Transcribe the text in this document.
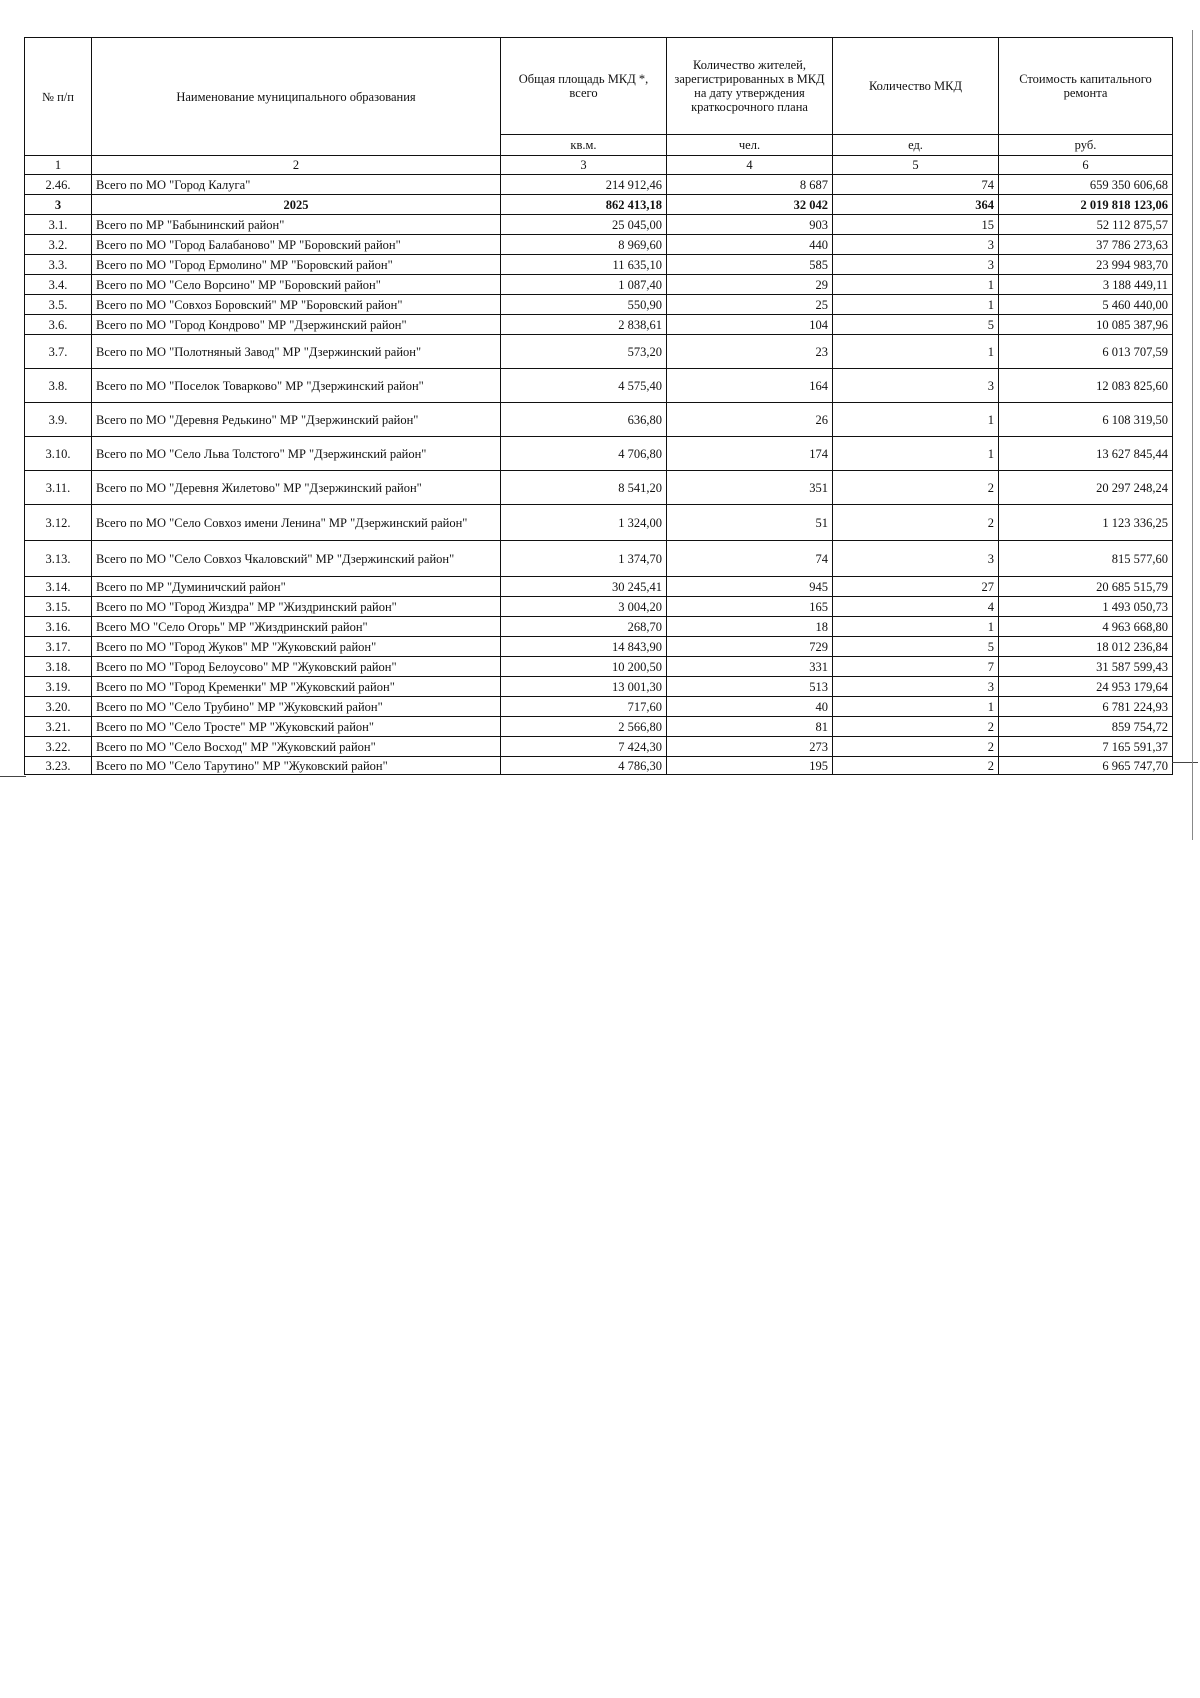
№ п/п	Наименование муниципального образования	Общая площадь МКД *, всего	Количество жителей, зарегистрированных в МКД на дату утверждения краткосрочного плана	Количество МКД	Стоимость капитального ремонта
		кв.м.	чел.	ед.	руб.
1	2	3	4	5	6
2.46.	Всего по МО "Город Калуга"	214 912,46	8 687	74	659 350 606,68
3	2025	862 413,18	32 042	364	2 019 818 123,06
3.1.	Всего по МР "Бабынинский район"	25 045,00	903	15	52 112 875,57
3.2.	Всего по МО "Город Балабаново" МР "Боровский район"	8 969,60	440	3	37 786 273,63
3.3.	Всего по МО "Город Ермолино" МР "Боровский район"	11 635,10	585	3	23 994 983,70
3.4.	Всего по МО "Село Ворсино" МР "Боровский район"	1 087,40	29	1	3 188 449,11
3.5.	Всего по МО "Совхоз Боровский" МР "Боровский район"	550,90	25	1	5 460 440,00
3.6.	Всего по МО "Город Кондрово" МР "Дзержинский район"	2 838,61	104	5	10 085 387,96
3.7.	Всего по МО "Полотняный Завод" МР "Дзержинский район"	573,20	23	1	6 013 707,59
3.8.	Всего по МО "Поселок Товарково" МР "Дзержинский район"	4 575,40	164	3	12 083 825,60
3.9.	Всего по МО "Деревня Редькино" МР "Дзержинский район"	636,80	26	1	6 108 319,50
3.10.	Всего по МО "Село Льва Толстого" МР "Дзержинский район"	4 706,80	174	1	13 627 845,44
3.11.	Всего по МО "Деревня Жилетово" МР "Дзержинский район"	8 541,20	351	2	20 297 248,24
3.12.	Всего по МО "Село Совхоз имени Ленина" МР "Дзержинский район"	1 324,00	51	2	1 123 336,25
3.13.	Всего по МО "Село Совхоз Чкаловский" МР "Дзержинский район"	1 374,70	74	3	815 577,60
3.14.	Всего по МР "Думиничский район"	30 245,41	945	27	20 685 515,79
3.15.	Всего по МО "Город Жиздра" МР "Жиздринский район"	3 004,20	165	4	1 493 050,73
3.16.	Всего МО "Село Огорь" МР "Жиздринский район"	268,70	18	1	4 963 668,80
3.17.	Всего по МО "Город Жуков" МР "Жуковский район"	14 843,90	729	5	18 012 236,84
3.18.	Всего по МО "Город Белоусово" МР "Жуковский район"	10 200,50	331	7	31 587 599,43
3.19.	Всего по МО "Город Кременки" МР "Жуковский район"	13 001,30	513	3	24 953 179,64
3.20.	Всего по МО "Село Трубино" МР "Жуковский район"	717,60	40	1	6 781 224,93
3.21.	Всего по МО "Село Тросте" МР "Жуковский район"	2 566,80	81	2	859 754,72
3.22.	Всего по МО "Село Восход" МР "Жуковский район"	7 424,30	273	2	7 165 591,37
3.23.	Всего по МО "Село Тарутино" МР "Жуковский район"	4 786,30	195	2	6 965 747,70
